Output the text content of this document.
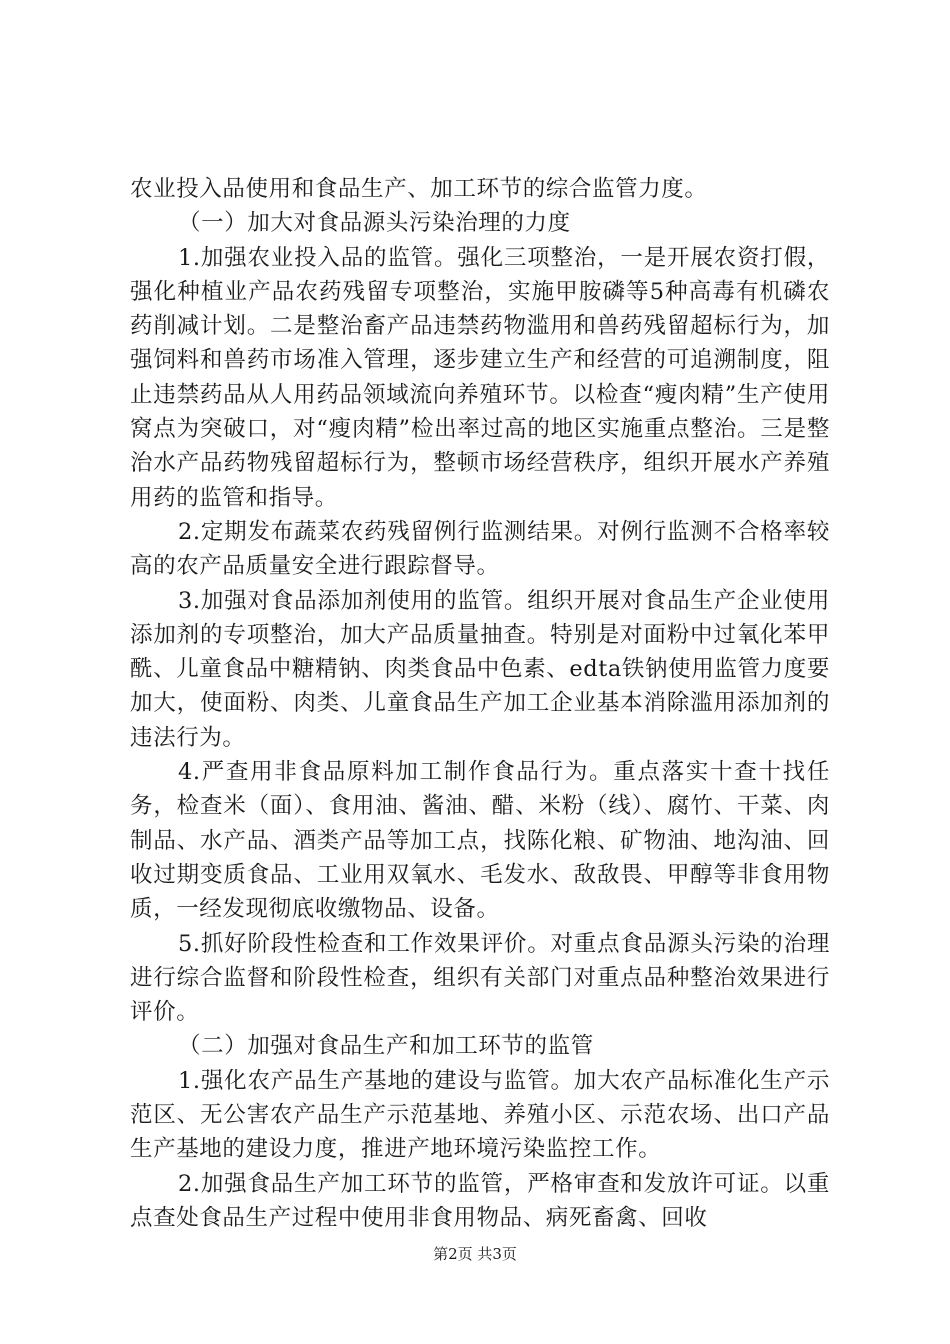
农业投入品使用和食品生产、加工环节的综合监管力度。

（一）加大对食品源头污染治理的力度

1.加强农业投入品的监管。强化三项整治，一是开展农资打假，强化种植业产品农药残留专项整治，实施甲胺磷等5种高毒有机磷农药削减计划。二是整治畜产品违禁药物滥用和兽药残留超标行为，加强饲料和兽药市场准入管理，逐步建立生产和经营的可追溯制度，阻止违禁药品从人用药品领域流向养殖环节。以检查“瘦肉精”生产使用窝点为突破口，对“瘦肉精”检出率过高的地区实施重点整治。三是整治水产品药物残留超标行为，整顿市场经营秩序，组织开展水产养殖用药的监管和指导。

2.定期发布蔬菜农药残留例行监测结果。对例行监测不合格率较高的农产品质量安全进行跟踪督导。

3.加强对食品添加剂使用的监管。组织开展对食品生产企业使用添加剂的专项整治，加大产品质量抽查。特别是对面粉中过氧化苯甲酰、儿童食品中糖精钠、肉类食品中色素、edta铁钠使用监管力度要加大，使面粉、肉类、儿童食品生产加工企业基本消除滥用添加剂的违法行为。

4.严查用非食品原料加工制作食品行为。重点落实十查十找任务，检查米（面）、食用油、酱油、醋、米粉（线）、腐竹、干菜、肉制品、水产品、酒类产品等加工点，找陈化粮、矿物油、地沟油、回收过期变质食品、工业用双氧水、毛发水、敌敌畏、甲醇等非食用物质，一经发现彻底收缴物品、设备。

5.抓好阶段性检查和工作效果评价。对重点食品源头污染的治理进行综合监督和阶段性检查，组织有关部门对重点品种整治效果进行评价。

（二）加强对食品生产和加工环节的监管

1.强化农产品生产基地的建设与监管。加大农产品标准化生产示范区、无公害农产品生产示范基地、养殖小区、示范农场、出口产品生产基地的建设力度，推进产地环境污染监控工作。

2.加强食品生产加工环节的监管，严格审查和发放许可证。以重点查处食品生产过程中使用非食用物品、病死畜禽、回收

第2页 共3页
